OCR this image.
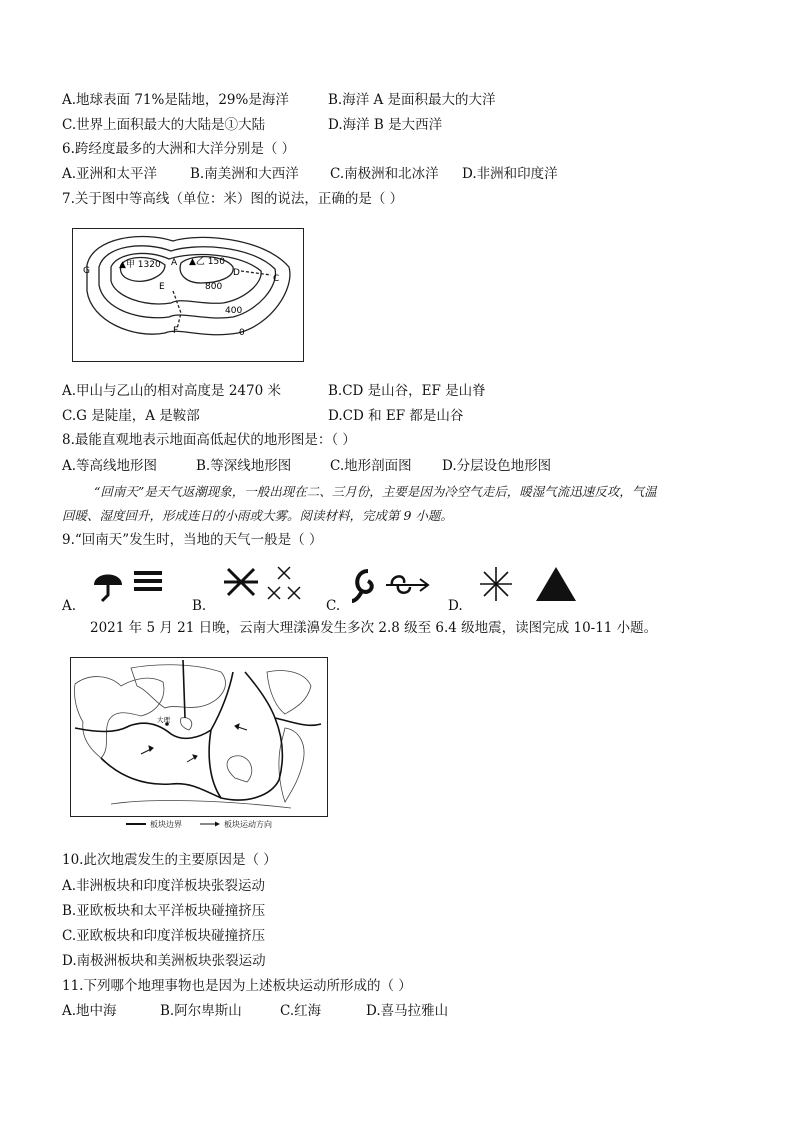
A.地球表面 71%是陆地，29%是海洋	B.海洋 A 是面积最大的大洋
C.世界上面积最大的大陆是①大陆	D.海洋 B 是大西洋
6.跨经度最多的大洲和大洋分别是（ ）
A.亚洲和太平洋 B.南美洲和大西洋 C.南极洲和北冰洋 D.非洲和印度洋
7.关于图中等高线（单位：米）图的说法，正确的是（ ）
▲甲 1320	▲乙 150
800
400
0
G
A
E
D
C
F
A.甲山与乙山的相对高度是 2470 米	B.CD 是山谷，EF 是山脊
C.G 是陡崖，A 是鞍部	D.CD 和 EF 都是山谷
8.最能直观地表示地面高低起伏的地形图是：（ ）
A.等高线地形图	B.等深线地形图	C.地形剖面图 D.分层设色地形图
“回南天”是天气返潮现象，一般出现在二、三月份，主要是因为冷空气走后，暖湿气流迅速反攻，气温
回暖、湿度回升，形成连日的小雨或大雾。阅读材料，完成第 9 小题。
9.“回南天”发生时，当地的天气一般是（ ）
A.	B.	C.	D.
2021 年 5 月 21 日晚，云南大理漾濞发生多次 2.8 级至 6.4 级地震，读图完成 10-11 小题。
大理
板块边界	板块运动方向
10.此次地震发生的主要原因是（ ）
A.非洲板块和印度洋板块张裂运动
B.亚欧板块和太平洋板块碰撞挤压
C.亚欧板块和印度洋板块碰撞挤压
D.南极洲板块和美洲板块张裂运动
11.下列哪个地理事物也是因为上述板块运动所形成的（ ）
A.地中海	B.阿尔卑斯山	C.红海	D.喜马拉雅山
